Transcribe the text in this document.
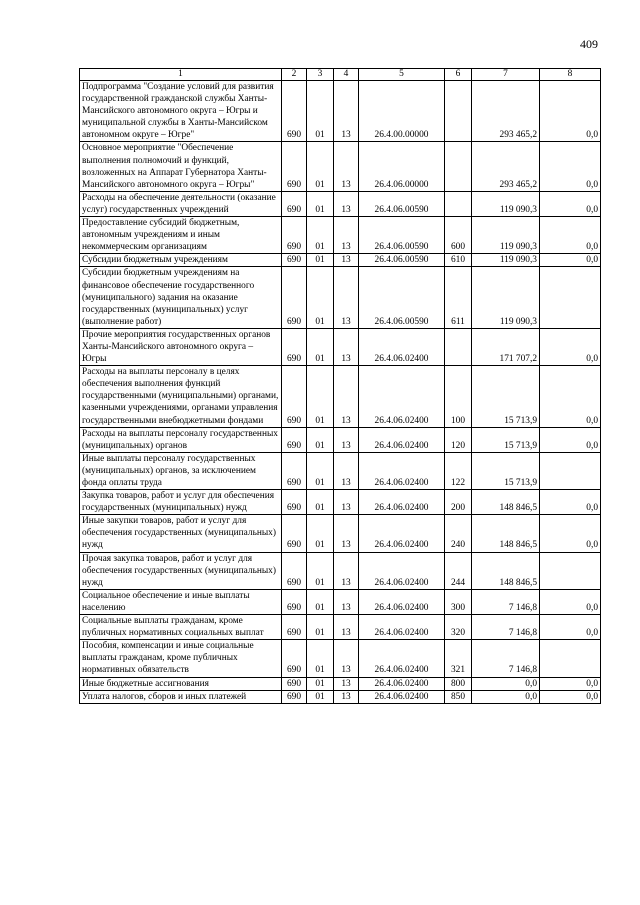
409
1	2	3	4	5	6	7	8
Подпрограмма "Создание условий для развития государственной гражданской службы Ханты-Мансийского автономного округа – Югры и муниципальной службы в Ханты-Мансийском автономном округе – Югре"	690	01	13	26.4.00.00000		293 465,2	0,0
Основное мероприятие "Обеспечение выполнения полномочий и функций, возложенных на Аппарат Губернатора Ханты-Мансийского автономного округа – Югры"	690	01	13	26.4.06.00000		293 465,2	0,0
Расходы на обеспечение деятельности (оказание услуг) государственных учреждений	690	01	13	26.4.06.00590		119 090,3	0,0
Предоставление субсидий бюджетным, автономным учреждениям и иным некоммерческим организациям	690	01	13	26.4.06.00590	600	119 090,3	0,0
Субсидии бюджетным учреждениям	690	01	13	26.4.06.00590	610	119 090,3	0,0
Субсидии бюджетным учреждениям на финансовое обеспечение государственного (муниципального) задания на оказание государственных (муниципальных) услуг (выполнение работ)	690	01	13	26.4.06.00590	611	119 090,3	
Прочие мероприятия государственных органов Ханты-Мансийского автономного округа – Югры	690	01	13	26.4.06.02400		171 707,2	0,0
Расходы на выплаты персоналу в целях обеспечения выполнения функций государственными (муниципальными) органами, казенными учреждениями, органами управления государственными внебюджетными фондами	690	01	13	26.4.06.02400	100	15 713,9	0,0
Расходы на выплаты персоналу государственных (муниципальных) органов	690	01	13	26.4.06.02400	120	15 713,9	0,0
Иные выплаты персоналу государственных (муниципальных) органов, за исключением фонда оплаты труда	690	01	13	26.4.06.02400	122	15 713,9	
Закупка товаров, работ и услуг для обеспечения государственных (муниципальных) нужд	690	01	13	26.4.06.02400	200	148 846,5	0,0
Иные закупки товаров, работ и услуг для обеспечения государственных (муниципальных) нужд	690	01	13	26.4.06.02400	240	148 846,5	0,0
Прочая закупка товаров, работ и услуг для обеспечения государственных (муниципальных) нужд	690	01	13	26.4.06.02400	244	148 846,5	
Социальное обеспечение и иные выплаты населению	690	01	13	26.4.06.02400	300	7 146,8	0,0
Социальные выплаты гражданам, кроме публичных нормативных социальных выплат	690	01	13	26.4.06.02400	320	7 146,8	0,0
Пособия, компенсации и иные социальные выплаты гражданам, кроме публичных нормативных обязательств	690	01	13	26.4.06.02400	321	7 146,8	
Иные бюджетные ассигнования	690	01	13	26.4.06.02400	800	0,0	0,0
Уплата налогов, сборов и иных платежей	690	01	13	26.4.06.02400	850	0,0	0,0
